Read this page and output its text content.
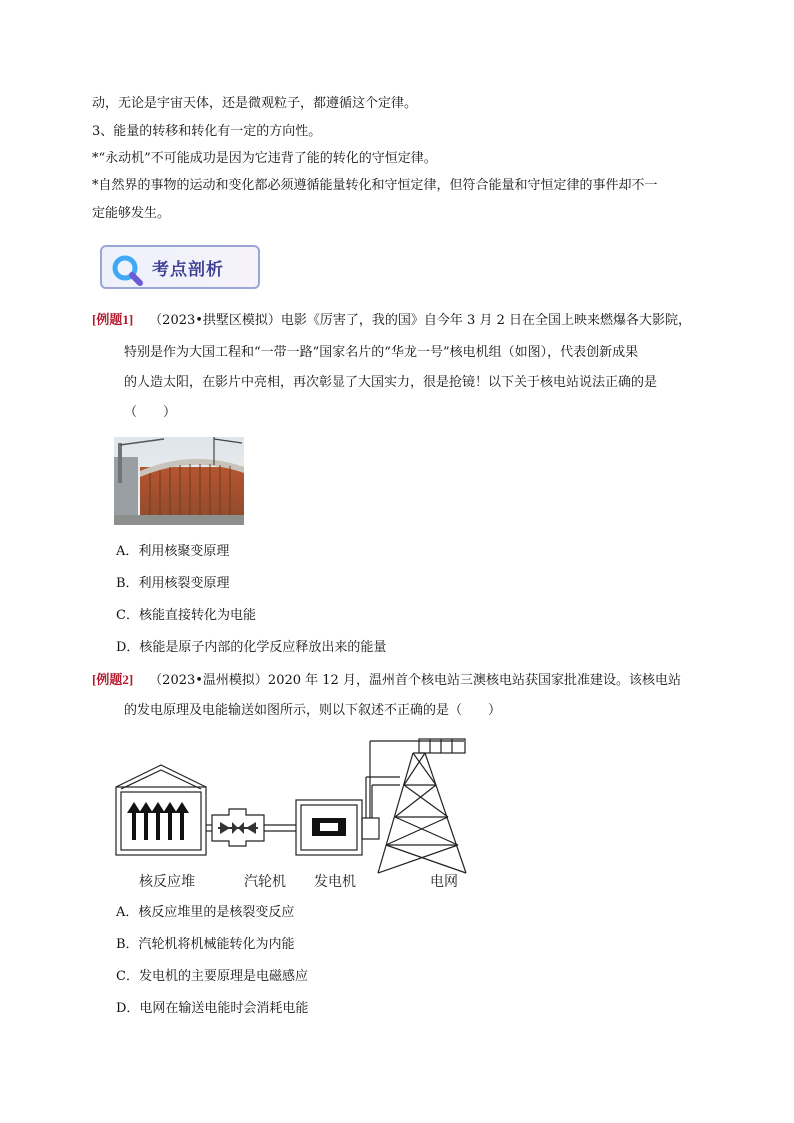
动，无论是宇宙天体，还是微观粒子，都遵循这个定律。
3、能量的转移和转化有一定的方向性。
*“永动机”不可能成功是因为它违背了能的转化的守恒定律。
*自然界的事物的运动和变化都必须遵循能量转化和守恒定律，但符合能量和守恒定律的事件却不一
定能够发生。
考点剖析
[例题1] （2023•拱墅区模拟）电影《厉害了，我的国》自今年 3 月 2 日在全国上映来燃爆各大影院，
特别是作为大国工程和“一带一路”国家名片的“华龙一号”核电机组（如图），代表创新成果
的人造太阳，在影片中亮相，再次彰显了大国实力，很是抢镜！以下关于核电站说法正确的是
（　　）
A．利用核聚变原理
B．利用核裂变原理
C．核能直接转化为电能
D．核能是原子内部的化学反应释放出来的能量
[例题2] （2023•温州模拟）2020 年 12 月，温州首个核电站三澳核电站获国家批准建设。该核电站
的发电原理及电能输送如图所示，则以下叙述不正确的是（　　）
核反应堆	汽轮机 发电机	电网
A．核反应堆里的是核裂变反应
B．汽轮机将机械能转化为内能
C．发电机的主要原理是电磁感应
D．电网在输送电能时会消耗电能
